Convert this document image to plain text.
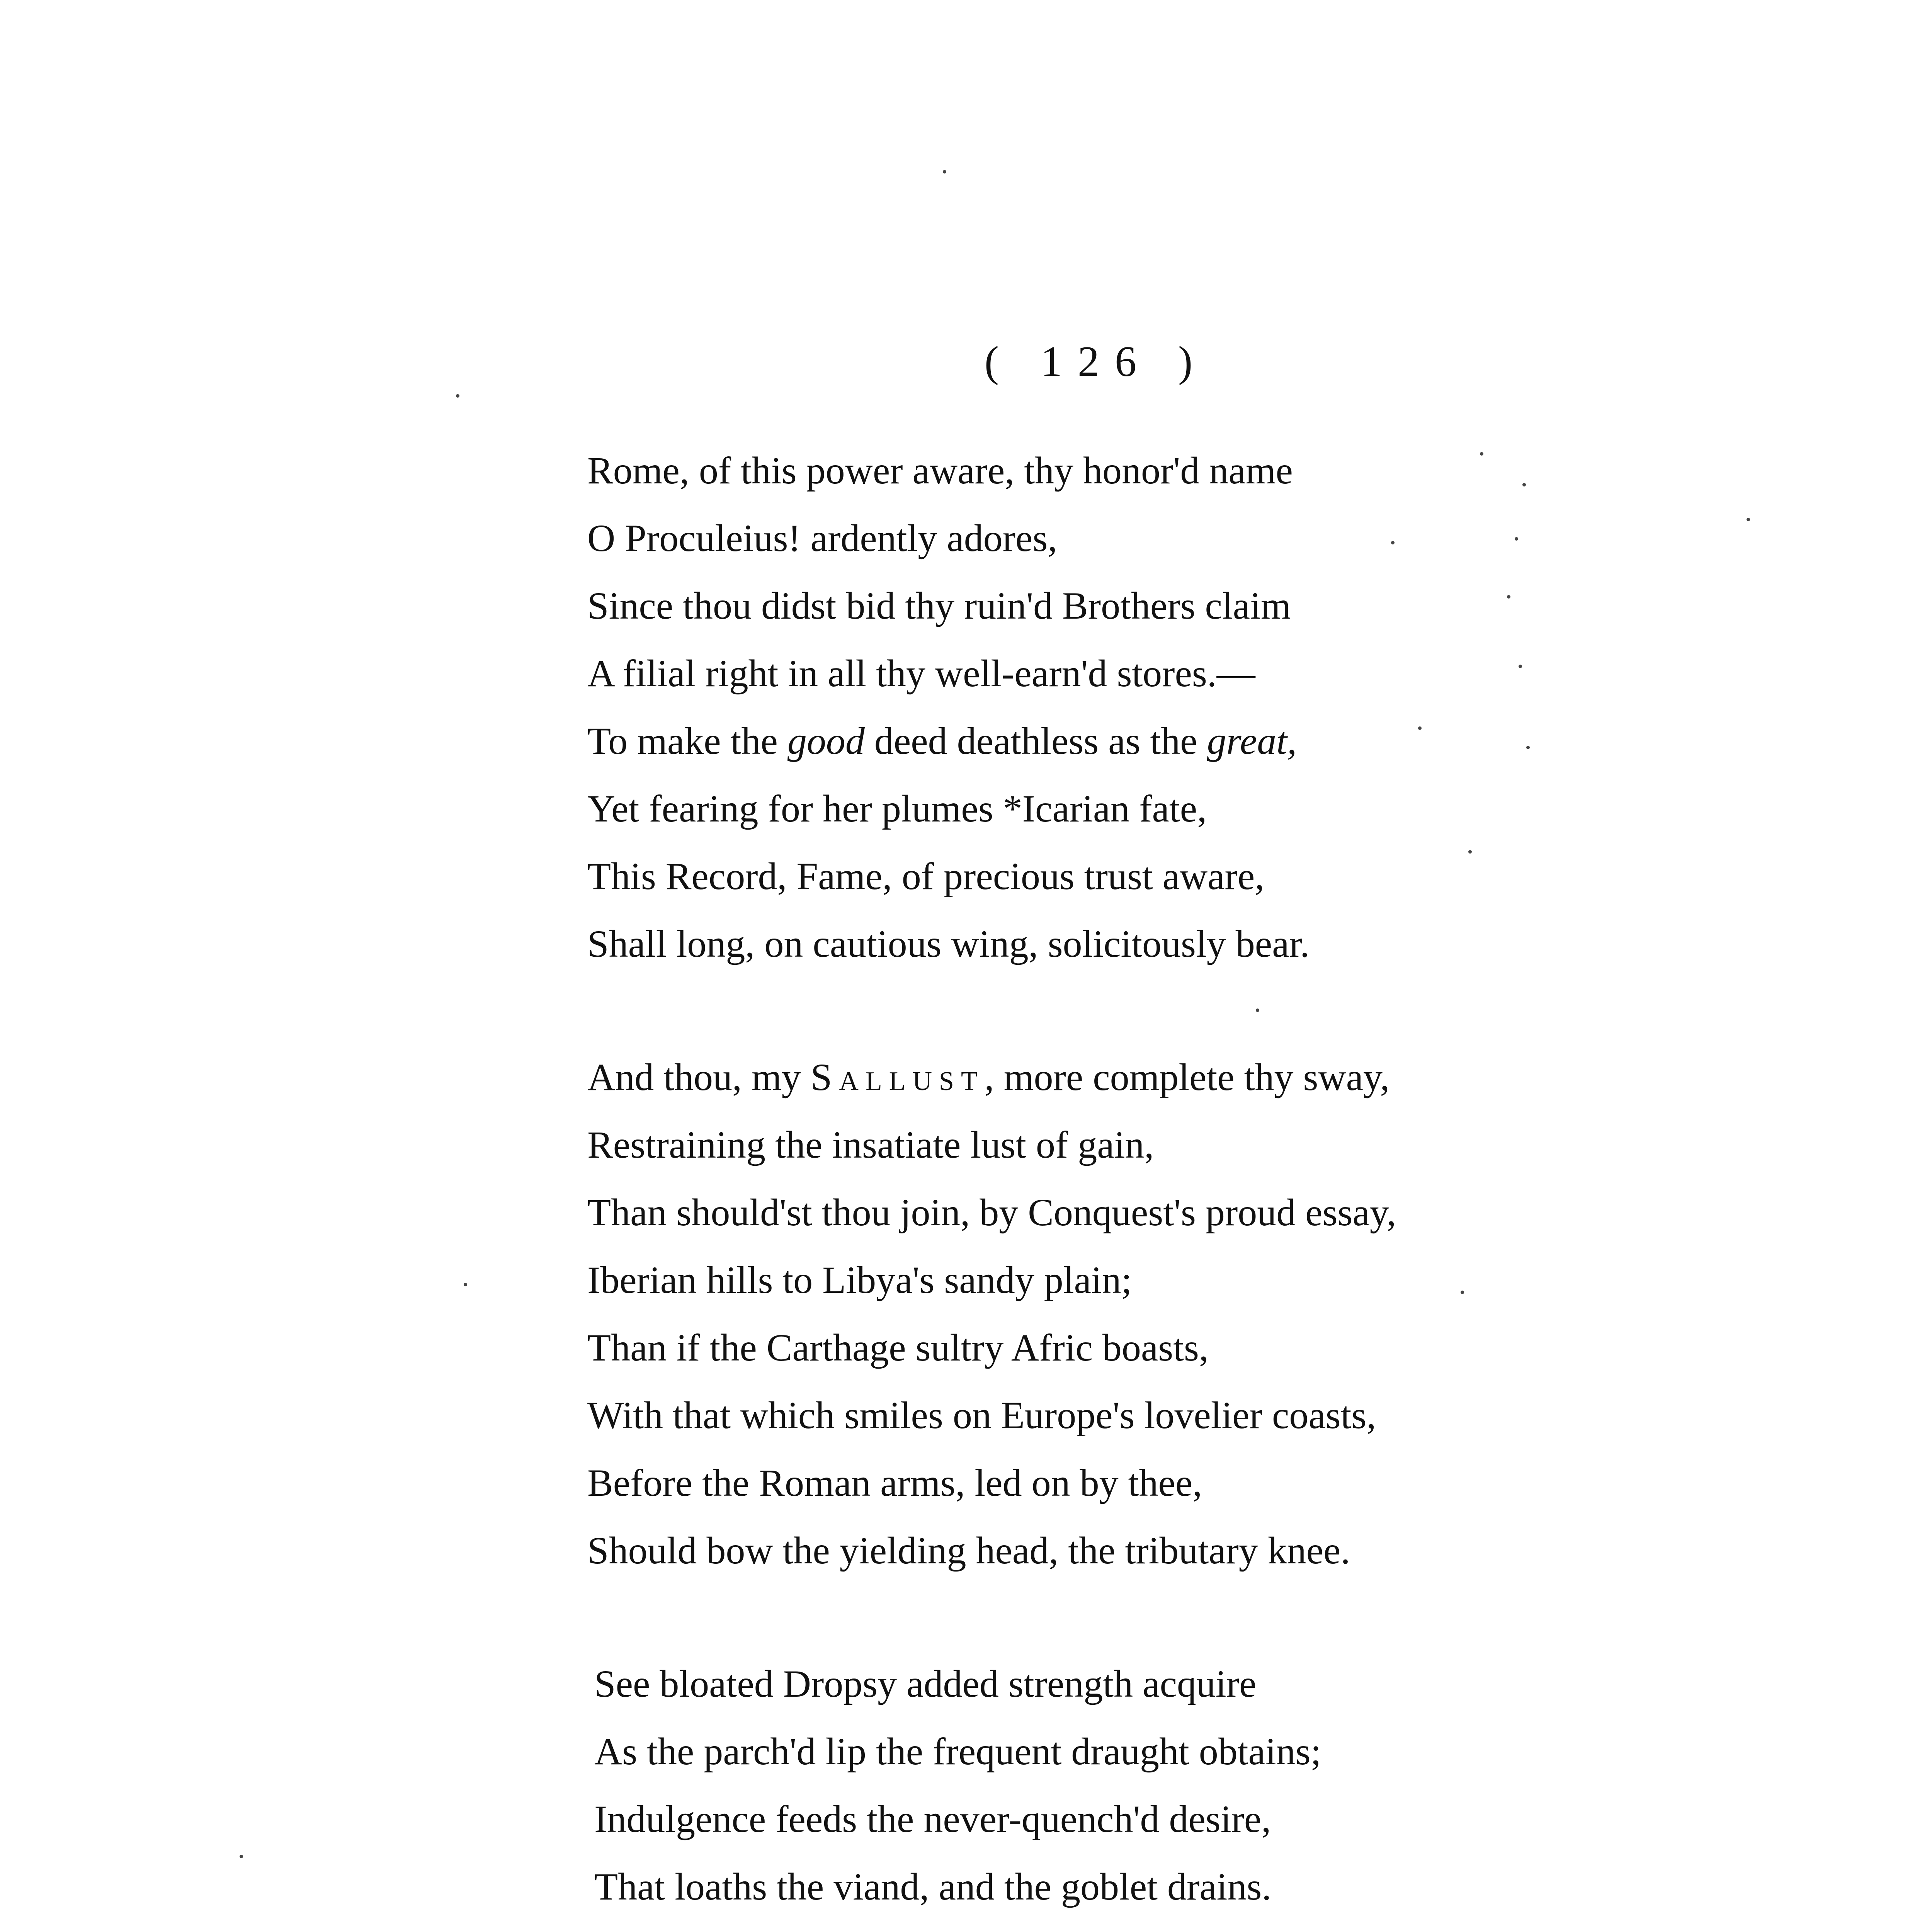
( 126 )
Rome, of this power aware, thy honor'd name
O Proculeius! ardently adores,
Since thou didst bid thy ruin'd Brothers claim
A filial right in all thy well-earn'd stores.—
To make the good deed deathless as the great,
Yet fearing for her plumes *Icarian fate,
This Record, Fame, of precious trust aware,
Shall long, on cautious wing, solicitously bear.
And thou, my Sallust, more complete thy sway,
Restraining the insatiate lust of gain,
Than should'st thou join, by Conquest's proud essay,
Iberian hills to Libya's sandy plain;
Than if the Carthage sultry Afric boasts,
With that which smiles on Europe's lovelier coasts,
Before the Roman arms, led on by thee,
Should bow the yielding head, the tributary knee.
See bloated Dropsy added strength acquire
As the parch'd lip the frequent draught obtains;
Indulgence feeds the never-quench'd desire,
That loaths the viand, and the goblet drains.
